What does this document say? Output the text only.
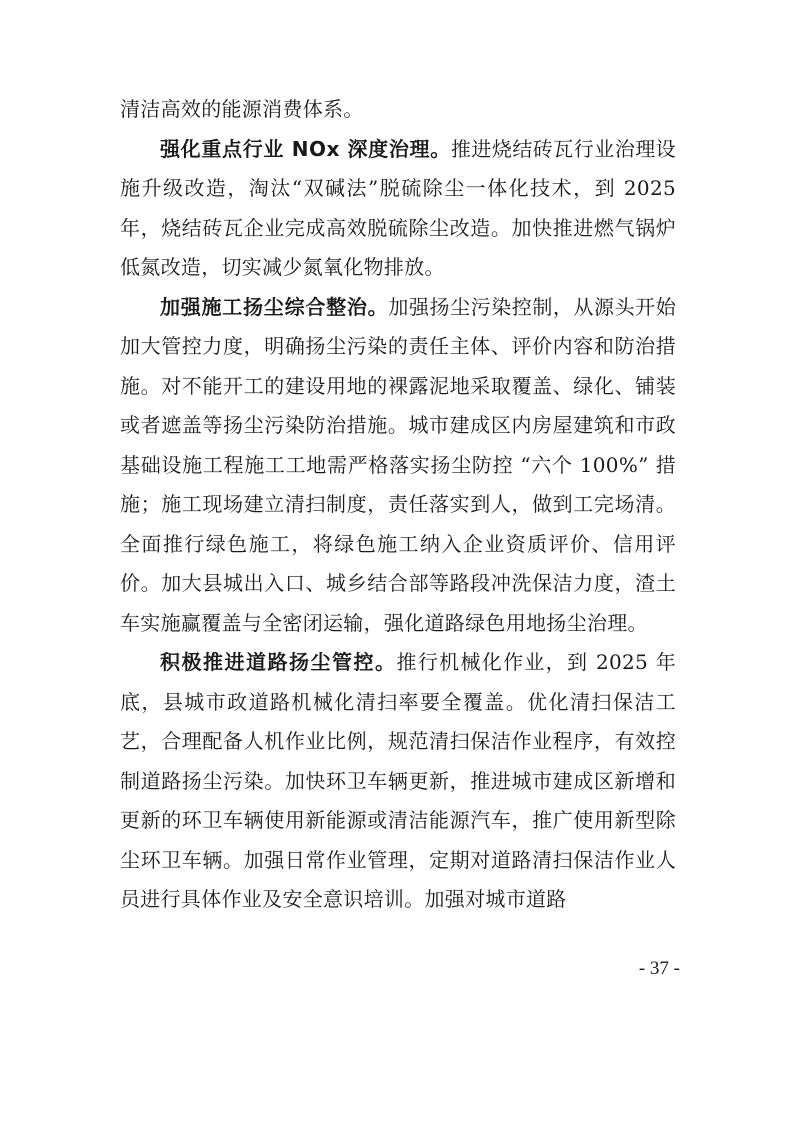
清洁高效的能源消费体系。

强化重点行业 NOx 深度治理。推进烧结砖瓦行业治理设施升级改造，淘汰“双碱法”脱硫除尘一体化技术，到 2025 年，烧结砖瓦企业完成高效脱硫除尘改造。加快推进燃气锅炉低氮改造，切实减少氮氧化物排放。

加强施工扬尘综合整治。加强扬尘污染控制，从源头开始加大管控力度，明确扬尘污染的责任主体、评价内容和防治措施。对不能开工的建设用地的裸露泥地采取覆盖、绿化、铺装或者遮盖等扬尘污染防治措施。城市建成区内房屋建筑和市政基础设施工程施工工地需严格落实扬尘防控 “六个 100%” 措施；施工现场建立清扫制度，责任落实到人，做到工完场清。全面推行绿色施工，将绿色施工纳入企业资质评价、信用评价。加大县城出入口、城乡结合部等路段冲洗保洁力度，渣土车实施赢覆盖与全密闭运输，强化道路绿色用地扬尘治理。

积极推进道路扬尘管控。推行机械化作业，到 2025 年底，县城市政道路机械化清扫率要全覆盖。优化清扫保洁工艺，合理配备人机作业比例，规范清扫保洁作业程序，有效控制道路扬尘污染。加快环卫车辆更新，推进城市建成区新增和更新的环卫车辆使用新能源或清洁能源汽车，推广使用新型除尘环卫车辆。加强日常作业管理，定期对道路清扫保洁作业人员进行具体作业及安全意识培训。加强对城市道路

- 37 -
